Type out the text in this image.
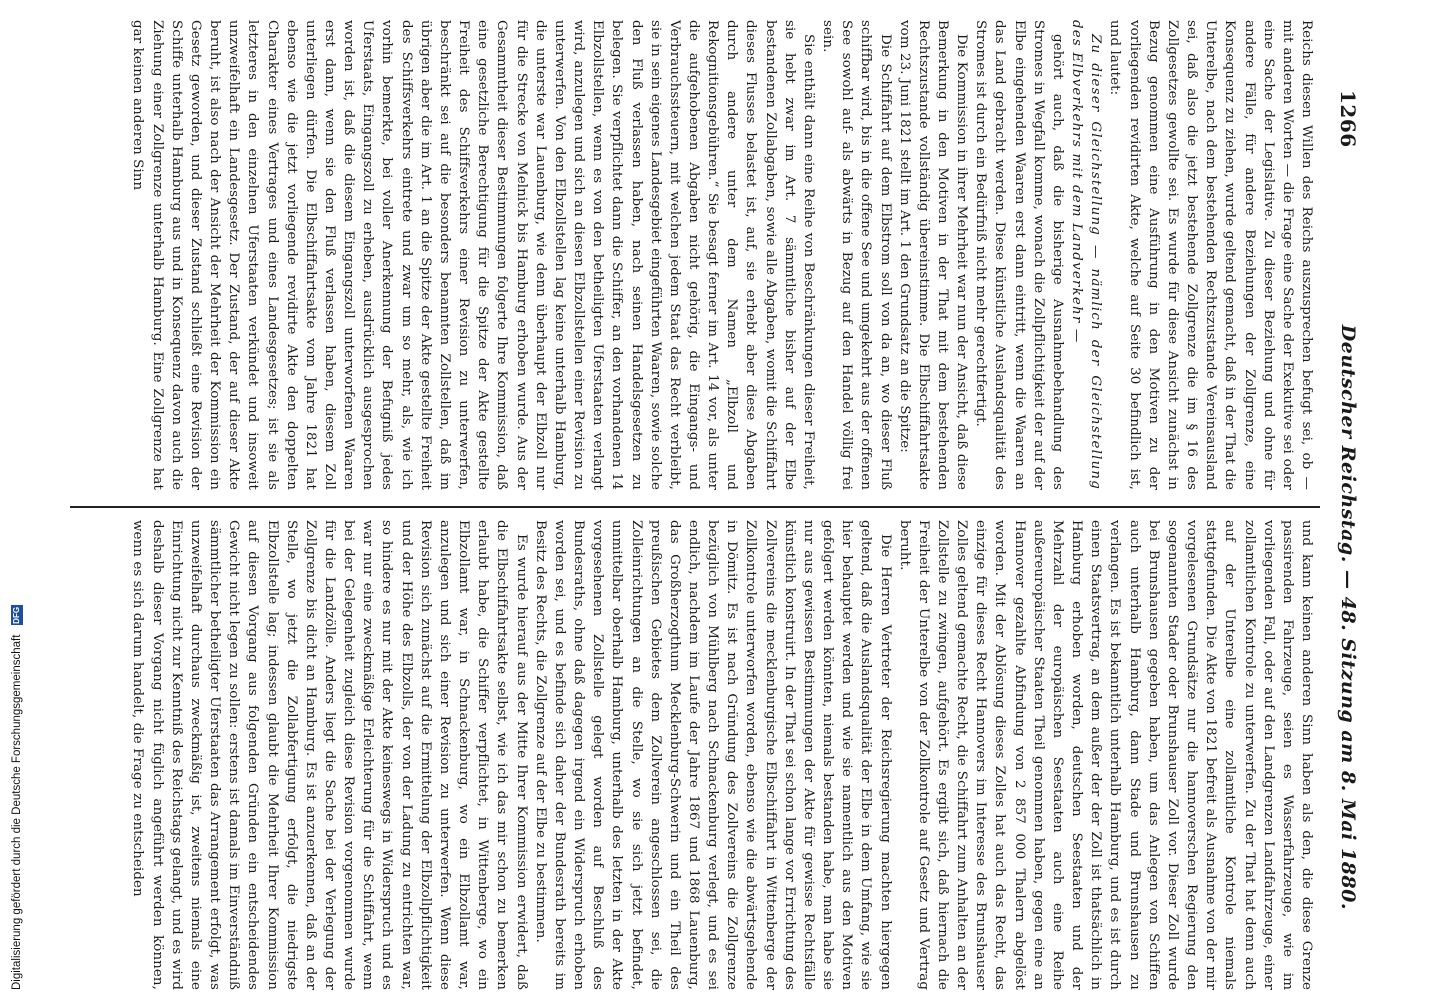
Digitalisierung gefördert durch die Deutsche Forschungsgemeinschaft DFG
1266
Deutscher Reichstag. — 48. Sitzung am 8. Mai 1880.

Reichs diesen Willen des Reichs auszusprechen befugt sei, ob — mit anderen Worten — die Frage eine Sache der Exekutive sei oder eine Sache der Legislative. Zu dieser Beziehung und ohne für andere Fälle, für andere Beziehungen der Zollgrenze, eine Konsequenz zu ziehen, wurde geltend gemacht, daß in der That die Unterelbe, nach dem bestehenden Rechtszustande Vereinsausland sei, daß also die jetzt bestehende Zollgrenze die im § 16 des Zollgesetzes gewollte sei. Es wurde für diese Ansicht zunächst in Bezug genommen eine Ausführung in den Motiven zu der vorliegenden revidirten Akte, welche auf Seite 30 befindlich ist, und lautet:

Zu dieser Gleichstellung — nämlich der Gleichstellung des Elbverkehrs mit dem Landverkehr —

gehört auch, daß die bisherige Ausnahmebehandlung des Stromes in Wegfall komme, wonach die Zollpflichtigkeit der auf der Elbe eingehenden Waaren erst dann eintritt, wenn die Waaren an das Land gebracht werden. Diese künstliche Auslandsqualität des Stromes ist durch ein Bedürfniß nicht mehr gerechtfertigt.

Die Kommission in ihrer Mehrheit war nun der Ansicht, daß diese Bemerkung in den Motiven in der That mit dem bestehenden Rechtszustande vollständig übereinstimme. Die Elbschiffahrtsakte vom 23. Juni 1821 stellt im Art. 1 den Grundsatz an die Spitze:

Die Schiffahrt auf dem Elbstrom soll von da an, wo dieser Fluß schiffbar wird, bis in die offene See und umgekehrt aus der offenen See sowohl auf- als abwärts in Bezug auf den Handel völlig frei sein.

Sie enthält dann eine Reihe von Beschränkungen dieser Freiheit, sie hebt zwar im Art. 7 sämmtliche bisher auf der Elbe bestandenen Zollabgaben, sowie alle Abgaben, womit die Schiffahrt dieses Flusses belastet ist, auf, sie erhebt aber diese Abgaben durch andere unter dem Namen „Elbzoll und Rekognitionsgebühren.“ Sie besagt ferner im Art. 14 vor, als unter die aufgehobenen Abgaben nicht gehörig, die Eingangs- und Verbrauchssteuern, mit welchen jedem Staat das Recht verbleibt, sie in sein eigenes Landesgebiet eingeführten Waaren, sowie solche den Fluß verlassen haben, nach seinen Handelsgesetzen zu belegen. Sie verpflichtet dann die Schiffer, an den vorhandenen 14 Elbzollstellen, wenn es von den betheiligten Uferstaaten verlangt wird, anzulegen und sich an diesen Elbzollstellen einer Revision zu unterwerfen. Von den Elbzollstellen lag keine unterhalb Hamburg, die unterste war Lauenburg, wie denn überhaupt der Elbzoll nur für die Strecke von Melnick bis Hamburg erhoben wurde. Aus der Gesammtheit dieser Bestimmungen folgerte Ihre Kommission, daß eine gesetzliche Berechtigung für die Spitze der Akte gestellte Freiheit des Schiffsverkehrs einer Revision zu unterwerfen, beschränkt sei auf die besonders benannten Zollstellen, daß im übrigen aber die im Art. 1 an die Spitze der Akte gestellte Freiheit des Schiffsverkehrs eintrete und zwar um so mehr, als, wie ich vorhin bemerkte, bei voller Anerkennung der Befugniß jedes Uferstaats, Eingangszoll zu erheben, ausdrücklich ausgesprochen worden ist, daß die diesem Eingangszoll unterworfenen Waaren erst dann, wenn sie den Fluß verlassen haben, diesem Zoll unterliegen dürfen. Die Elbschiffahrtsakte vom Jahre 1821 hat ebenso wie die jetzt vorliegende revidirte Akte den doppelten Charakter eines Vertrages und eines Landesgesetzes; ist sie als letzteres in den einzelnen Uferstaaten verkündet und insoweit unzweifelhaft ein Landesgesetz. Der Zustand, der auf dieser Akte beruht, ist also nach der Ansicht der Mehrheit der Kommission ein Gesetz geworden, und dieser Zustand schließt eine Revision der Schiffe unterhalb Hamburg aus und in Konsequenz davon auch die Ziehung einer Zollgrenze unterhalb Hamburg. Eine Zollgrenze hat gar keinen anderen Sinn

und kann keinen anderen Sinn haben als den, die diese Grenze passirenden Fahrzeuge, seien es Wasserfahrzeuge, wie im vorliegenden Fall, oder auf den Landgrenzen Landfahrzeuge, einer zollamtlichen Kontrole zu unterwerfen. Zu der That hat denn auch auf der Unterelbe eine zollamtliche Kontrole niemals stattgefunden. Die Akte von 1821 befreit als Ausnahme von der mir vorgelesenen Grundsätze nur die hannoverschen Regierung den sogenannten Stader oder Brunshauser Zoll vor. Dieser Zoll wurde bei Brunshausen gegeben haben, um das Anlegen von Schiffen auch unterhalb Hamburg, dann Stade und Brunshausen zu verlangen. Es ist bekanntlich unterhalb Hamburg, und es ist durch einen Staatsvertrag, an dem außer der der Zoll ist thatsächlich in Hamburg erhoben worden, deutschen Seestaaten und der Mehrzahl der europäischen Seestaaten auch eine Reihe außereuropäischer Staaten Theil genommen haben, gegen eine an Hannover gezahlte Abfindung von 2 857 000 Thalern abgelöst worden. Mit der Ablösung dieses Zolles hat auch das Recht, das einzige für dieses Recht Hannovers im Interesse des Brunshauser Zolles geltend gemachte Recht, die Schiffahrt zum Anhalten an der Zollstelle zu zwingen, aufgehört. Es ergibt sich, daß hiernach die Freiheit der Unterelbe von der Zollkontrole auf Gesetz und Vertrag beruht.

Die Herren Vertreter der Reichsregierung machten hiergegen geltend, daß die Auslandsqualität der Elbe in dem Umfang, wie sie hier behauptet werden und wie sie namentlich aus den Motiven gefolgert werden könnten, niemals bestanden habe, man habe sie nur aus gewissen Bestimmungen der Akte für gewisse Rechtsfälle künstlich konstruirt. In der That sei schon lange vor Errichtung des Zollvereins die mecklenburgische Elbschiffahrt in Wittenberge der Zollkontrole unterworfen worden, ebenso wie die abwärtsgehende in Dömitz. Es ist nach Gründung des Zollvereins die Zollgrenze bezüglich von Mühlberg nach Schnackenburg verlegt, und es sei endlich, nachdem im Laufe der Jahre 1867 und 1868 Lauenburg, das Großherzogthum Mecklenburg-Schwerin und ein Theil des preußischen Gebietes dem Zollverein angeschlossen sei, die Zolleinrichtungen an die Stelle, wo sie sich jetzt befindet, unmittelbar oberhalb Hamburg, unterhalb des letzten in der Akte vorgesehenen Zollstelle gelegt worden auf Beschluß des Bundesraths, ohne daß dagegen irgend ein Widerspruch erhoben worden sei, und es befinde sich daher der Bundesrath bereits im Besitz des Rechts, die Zollgrenze auf der Elbe zu bestimmen.

Es wurde hierauf aus der Mitte Ihrer Kommission erwidert, daß die Elbschiffahrtsakte selbst, wie ich das mir schon zu bemerken erlaubt habe, die Schiffer verpflichtet, in Wittenberge, wo ein Elbzollamt war, in Schnackenburg, wo ein Elbzollamt war, anzulegen und sich einer Revision zu unterwerfen. Wenn diese Revision sich zunächst auf die Ermittelung der Elbzollpflichtigkeit und der Höhe des Elbzolls, der von der Ladung zu entrichten war, so hindere es nur mit der Akte keineswegs in Widerspruch und es war nur eine zweckmäßige Erleichterung für die Schiffahrt, wenn bei der Gelegenheit zugleich diese Revision vorgenommen wurde für die Landzölle. Anders liegt die Sache bei der Verlegung der Zollgrenze bis dicht an Hamburg. Es ist anzuerkennen, daß an der Stelle, wo jetzt die Zollabfertigung erfolgt, die niedrigste Elbzollstelle lag; indessen glaubt die Mehrheit Ihrer Kommission auf diesen Vorgang aus folgenden Gründen ein entscheidendes Gewicht nicht legen zu sollen: erstens ist damals im Einverständniß sämmtlicher betheiligter Uferstaaten das Arrangement erfolgt, was unzweifelhaft durchaus zweckmäßig ist, zweitens niemals eine Einrichtung nicht zur Kenntniß des Reichstags gelangt, und es wird deshalb dieser Vorgang nicht füglich angeführt werden können, wenn es sich darum handelt, die Frage zu entscheiden
